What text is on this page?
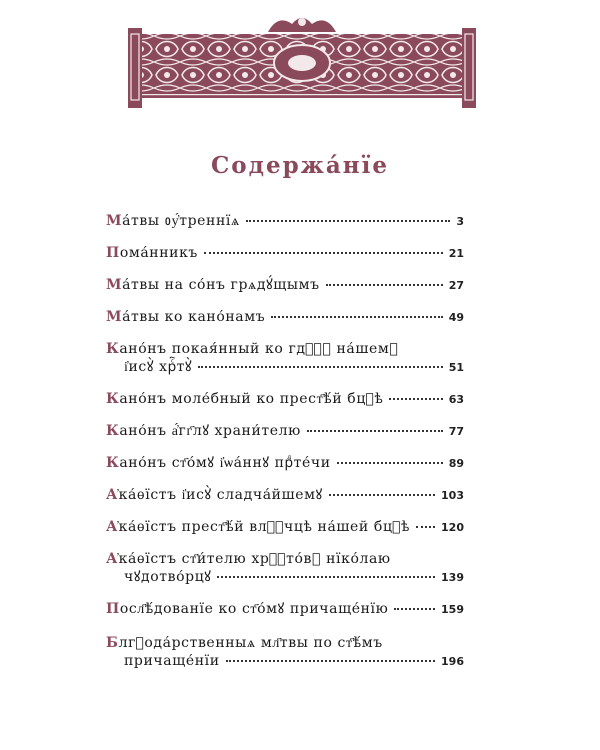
Содержа́нїе
Ма́твы ᲂу҆́треннїѧ	3
Пома́нникъ	21
Ма́твы на со́нъ грѧдꙋ́щымъ	27
Ма́твы ко кано́намъ	49
Кано́нъ покая́нный ко гдⷭ҇ꙋ на́шемꙋ
і҆исꙋ̀ хрⷭ҇тꙋ̀	51
Кано́нъ моле́бный ко прест҃ѣ́й бцⷣѣ	63
Кано́нъ а҆́гг҃лꙋ храни́телю	77
Кано́нъ ст҃о́мꙋ і҆ѡа́ннꙋ прⷣте́чи	89
А҆ка́ѳїстъ і҆исꙋ̀ сладча́йшемꙋ	103
А҆ка́ѳїстъ прест҃ѣ́й влⷭ҇чцѣ на́шей бцⷣѣ	120
А҆ка́ѳїстъ ст҃и́телю хрⷭ҇то́вꙋ нїко́лаю
чꙋдотво́рцꙋ	139
Посл҃ѣ́дованїе ко ст҃о́мꙋ причаще́нїю	159
Блгⷣода́рственныѧ мл҃твы по ст҃ѣ́мъ
причаще́нїи	196
